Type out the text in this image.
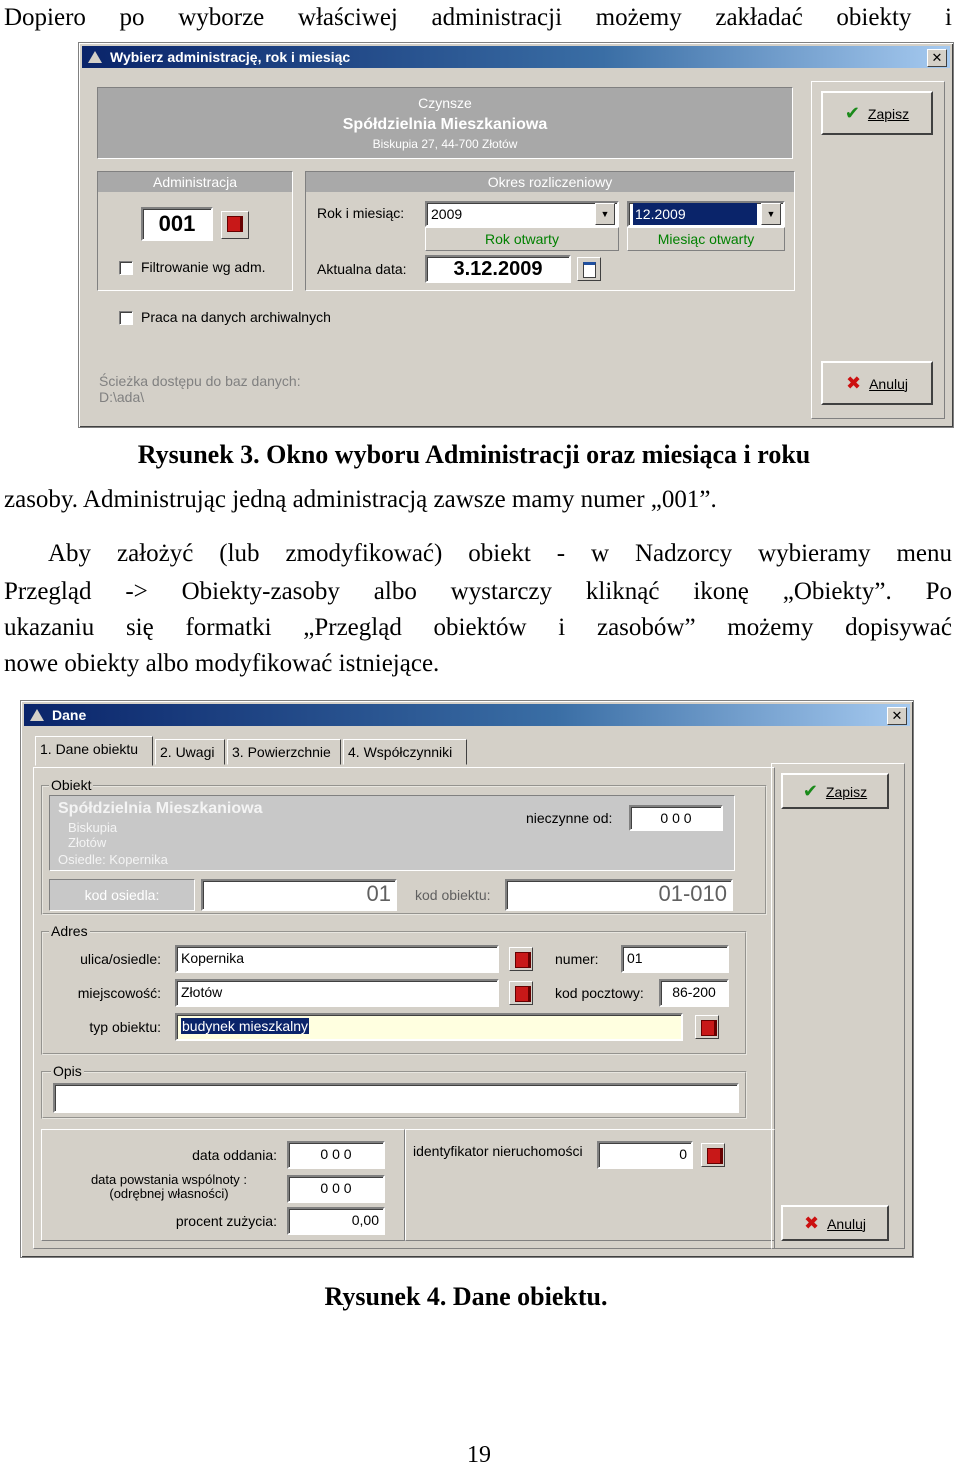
Dopiero po wyborze właściwej administracji możemy zakładać obiekty i
Wybierz administrację, rok i miesiąc	✕
Czynsze
Spółdzielnia Mieszkaniowa
Biskupia 27, 44-700 Złotów
Administracja
001
Filtrowanie wg adm.
Okres rozliczeniowy
Rok i miesiąc:	2009	▼	12.2009	▼
Rok otwarty	Miesiąc otwarty
Aktualna data:	3.12.2009
Praca na danych archiwalnych
Ścieżka dostępu do baz danych:
D:\ada\
✔ Zapisz
✖ Anuluj
Rysunek 3. Okno wyboru Administracji oraz miesiąca i roku
zasoby. Administrując jedną administracją zawsze mamy numer „001”.
Aby założyć (lub zmodyfikować) obiekt - w Nadzorcy wybieramy menu
Przegląd -> Obiekty-zasoby albo wystarczy kliknąć ikonę „Obiekty”. Po
ukazaniu się formatki „Przegląd obiektów i zasobów” możemy dopisywać
nowe obiekty albo modyfikować istniejące.
Dane	✕
1. Dane obiektu	2. Uwagi	3. Powierzchnie	4. Współczynniki
Obiekt
Spółdzielnia Mieszkaniowa
Biskupia
Złotów
Osiedle: Kopernika
nieczynne od:	0 0 0
kod osiedla:	01	kod obiektu:	01-010
Adres
ulica/osiedle:	Kopernika	numer:	01
miejscowość:	Złotów	kod pocztowy:	86-200
typ obiektu:	budynek mieszkalny
Opis
data oddania:	0 0 0
data powstania wspólnoty :
(odrębnej własności)	0 0 0
procent zużycia:	0,00
identyfikator nieruchomości	0
✔ Zapisz
✖ Anuluj
Rysunek 4. Dane obiektu.
19
